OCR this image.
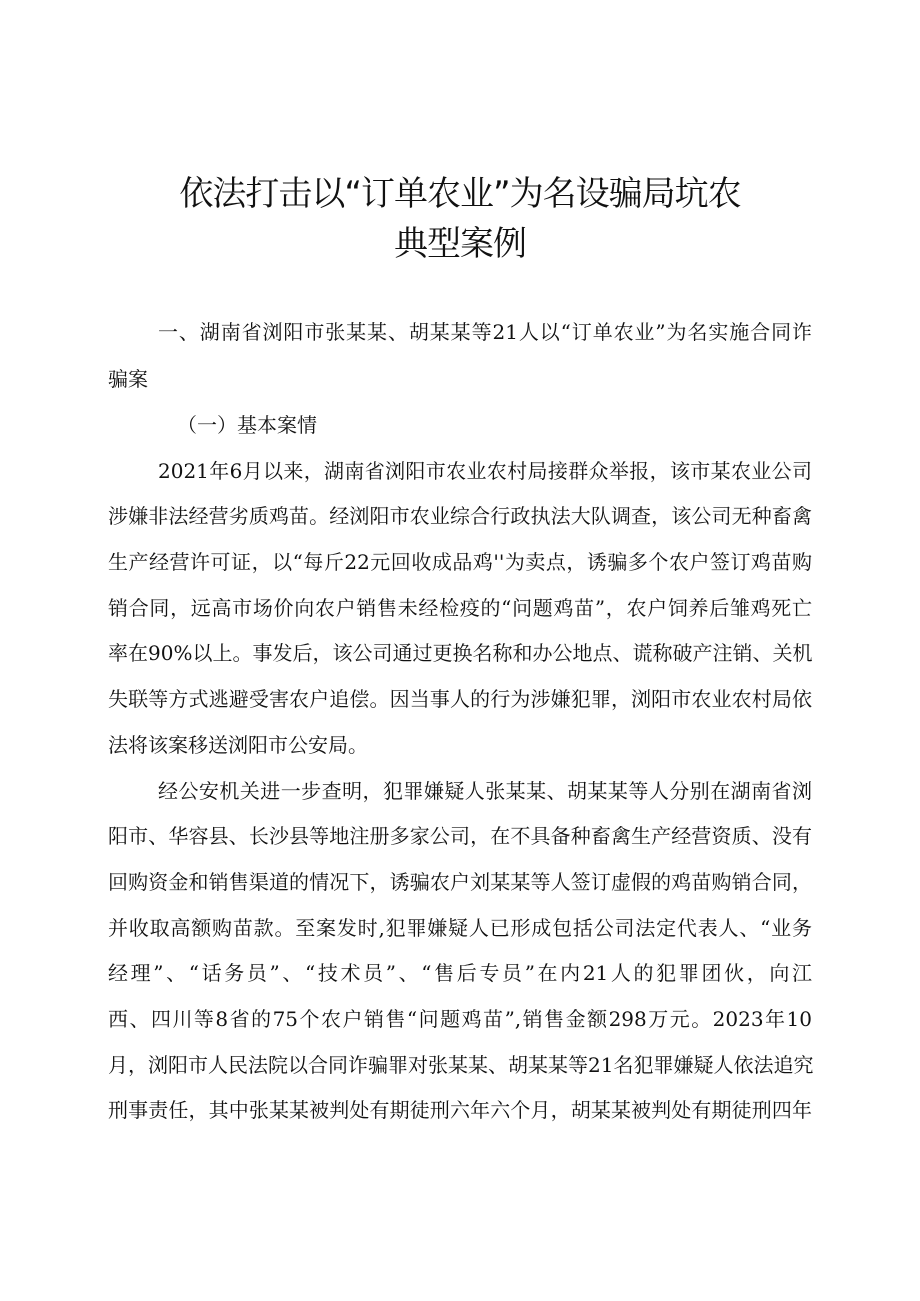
依法打击以“订单农业”为名设骗局坑农
典型案例
一、湖南省浏阳市张某某、胡某某等21人以“订单农业”为名实施合同诈
骗案
（一）基本案情
2021年6月以来，湖南省浏阳市农业农村局接群众举报，该市某农业公司
涉嫌非法经营劣质鸡苗。经浏阳市农业综合行政执法大队调查，该公司无种畜禽
生产经营许可证，以“每斤22元回收成品鸡''为卖点，诱骗多个农户签订鸡苗购
销合同，远高市场价向农户销售未经检疫的“问题鸡苗”，农户饲养后雏鸡死亡
率在90%以上。事发后，该公司通过更换名称和办公地点、谎称破产注销、关机
失联等方式逃避受害农户追偿。因当事人的行为涉嫌犯罪，浏阳市农业农村局依
法将该案移送浏阳市公安局。
经公安机关进一步查明，犯罪嫌疑人张某某、胡某某等人分别在湖南省浏
阳市、华容县、长沙县等地注册多家公司，在不具备种畜禽生产经营资质、没有
回购资金和销售渠道的情况下，诱骗农户刘某某等人签订虚假的鸡苗购销合同，
并收取高额购苗款。至案发时,犯罪嫌疑人已形成包括公司法定代表人、“业务
经理”、“话务员”、“技术员”、“售后专员”在内21人的犯罪团伙，向江
西、四川等8省的75个农户销售“问题鸡苗”,销售金额298万元。2023年10
月，浏阳市人民法院以合同诈骗罪对张某某、胡某某等21名犯罪嫌疑人依法追究
刑事责任，其中张某某被判处有期徒刑六年六个月，胡某某被判处有期徒刑四年
